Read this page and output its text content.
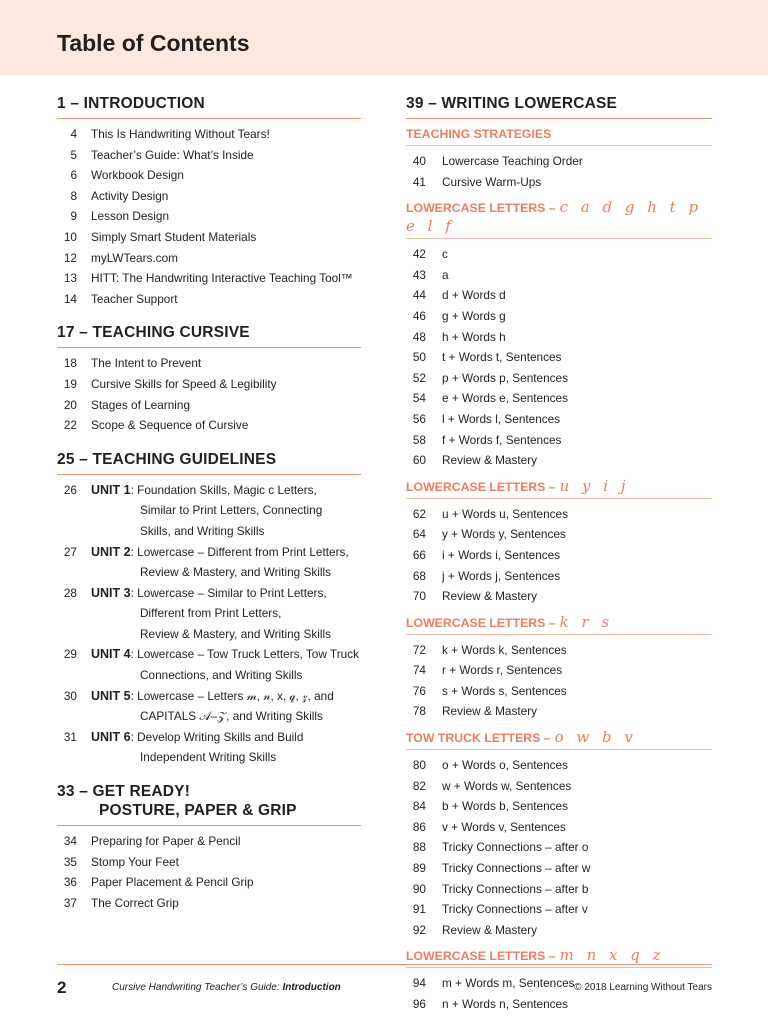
Table of Contents
1 – INTRODUCTION
4	This Is Handwriting Without Tears!
5	Teacher’s Guide: What’s Inside
6	Workbook Design
8	Activity Design
9	Lesson Design
10	Simply Smart Student Materials
12	myLWTears.com
13	HITT: The Handwriting Interactive Teaching Tool™
14	Teacher Support
17 – TEACHING CURSIVE
18	The Intent to Prevent
19	Cursive Skills for Speed & Legibility
20	Stages of Learning
22	Scope & Sequence of Cursive
25 – TEACHING GUIDELINES
26	UNIT 1: Foundation Skills, Magic c Letters,
Similar to Print Letters, Connecting
Skills, and Writing Skills
27	UNIT 2: Lowercase – Different from Print Letters,
Review & Mastery, and Writing Skills
28	UNIT 3: Lowercase – Similar to Print Letters,
Different from Print Letters,
Review & Mastery, and Writing Skills
29	UNIT 4: Lowercase – Tow Truck Letters, Tow Truck
Connections, and Writing Skills
30	UNIT 5: Lowercase – Letters 𝓂, 𝓃, x, 𝓆, 𝓏, and
CAPITALS 𝒜–𝒵, and Writing Skills
31	UNIT 6: Develop Writing Skills and Build
Independent Writing Skills
33 – GET READY!
POSTURE, PAPER & GRIP
34	Preparing for Paper & Pencil
35	Stomp Your Feet
36	Paper Placement & Pencil Grip
37	The Correct Grip
39 – WRITING LOWERCASE
TEACHING STRATEGIES
40	Lowercase Teaching Order
41	Cursive Warm-Ups
LOWERCASE LETTERS – c a d g h t p e l f
42	c
43	a
44	d + Words d
46	g + Words g
48	h + Words h
50	t + Words t, Sentences
52	p + Words p, Sentences
54	e + Words e, Sentences
56	l + Words l, Sentences
58	f + Words f, Sentences
60	Review & Mastery
LOWERCASE LETTERS – u y i j
62	u + Words u, Sentences
64	y + Words y, Sentences
66	i + Words i, Sentences
68	j + Words j, Sentences
70	Review & Mastery
LOWERCASE LETTERS – k r s
72	k + Words k, Sentences
74	r + Words r, Sentences
76	s + Words s, Sentences
78	Review & Mastery
TOW TRUCK LETTERS – o w b v
80	o + Words o, Sentences
82	w + Words w, Sentences
84	b + Words b, Sentences
86	v + Words v, Sentences
88	Tricky Connections – after o
89	Tricky Connections – after w
90	Tricky Connections – after b
91	Tricky Connections – after v
92	Review & Mastery
LOWERCASE LETTERS – m n x q z
94	m + Words m, Sentences
96	n + Words n, Sentences
2	Cursive Handwriting Teacher’s Guide: Introduction	© 2018 Learning Without Tears
